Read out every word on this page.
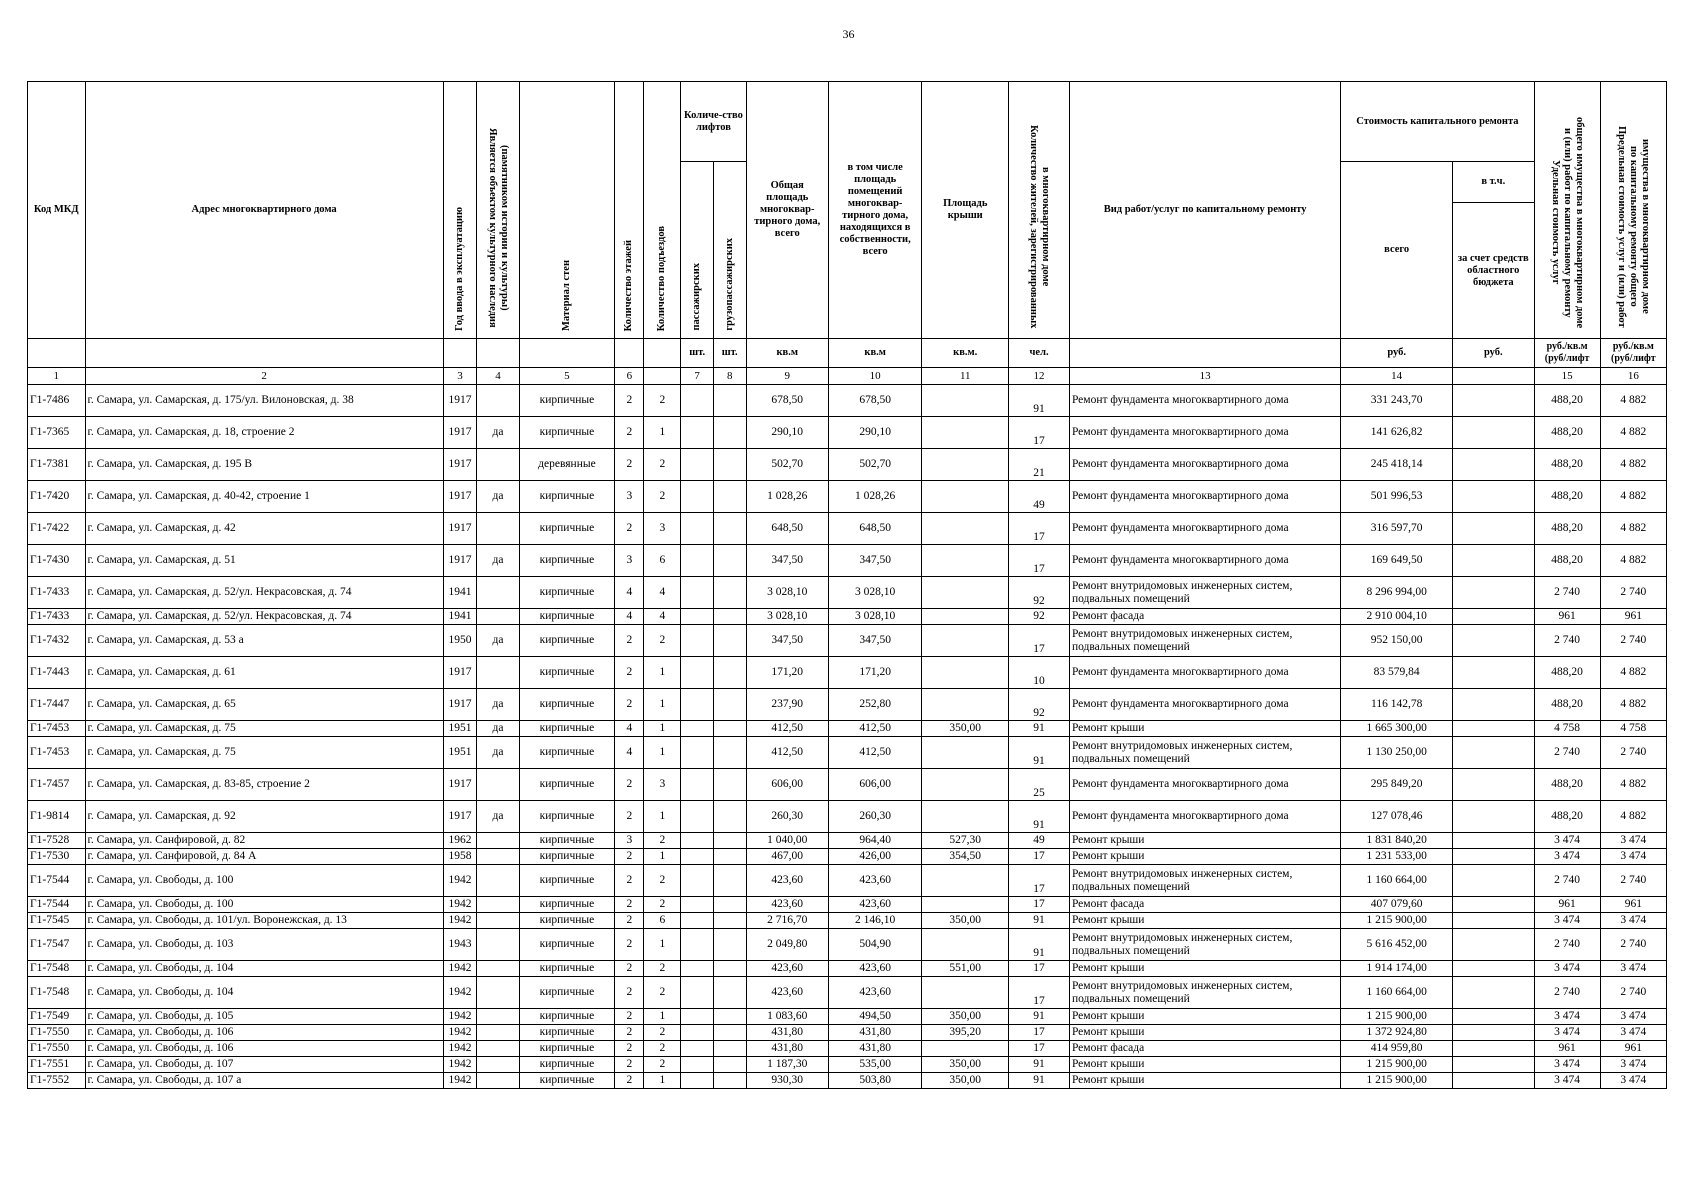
36
Код МКД	Адрес многоквартирного дома	Год ввода в эксплуатацию	Является объектом культурного наследия (памятником истории и культуры)	Материал стен	Количество этажей	Количество подъездов	Количе-ство лифтов		Общая площадь многоквар-тирного дома, всего	в том числе площадь помещений многоквар-тирного дома, находящихся в собственности, всего	Площадь крыши	Количество жителей, зарегистрированных в многоквартирном доме	Вид работ/услуг по капитальному ремонту	Стоимость капитального ремонта		Удельная стоимость услуг и (или) работ по капитальному ремонту общего имущества в многоквартирном доме	Предельная стоимость услуг и (или) работ по капитальному ремонту общего имущества в многоквартирном доме

							пассажирских	грузопассажирских						всего	в т.ч.		
															за счет средств областного бюджета		
							шт.	шт.	кв.м	кв.м	кв.м.	чел.		руб.	руб.	руб./кв.м (руб/лифт	руб./кв.м (руб/лифт
1	2	3	4	5	6		7	8	9	10	11	12	13	14		15	16
Г1-7486	г. Самара, ул. Самарская, д. 175/ул. Вилоновская, д. 38	1917		кирпичные	2	2			678,50	678,50		91	Ремонт фундамента многоквартирного дома	331 243,70		488,20	4 882
Г1-7365	г. Самара, ул. Самарская, д. 18, строение 2	1917	да	кирпичные	2	1			290,10	290,10		17	Ремонт фундамента многоквартирного дома	141 626,82		488,20	4 882
Г1-7381	г. Самара, ул. Самарская, д. 195 В	1917		деревянные	2	2			502,70	502,70		21	Ремонт фундамента многоквартирного дома	245 418,14		488,20	4 882
Г1-7420	г. Самара, ул. Самарская, д. 40-42, строение 1	1917	да	кирпичные	3	2			1 028,26	1 028,26		49	Ремонт фундамента многоквартирного дома	501 996,53		488,20	4 882
Г1-7422	г. Самара, ул. Самарская, д. 42	1917		кирпичные	2	3			648,50	648,50		17	Ремонт фундамента многоквартирного дома	316 597,70		488,20	4 882
Г1-7430	г. Самара, ул. Самарская, д. 51	1917	да	кирпичные	3	6			347,50	347,50		17	Ремонт фундамента многоквартирного дома	169 649,50		488,20	4 882
Г1-7433	г. Самара, ул. Самарская, д. 52/ул. Некрасовская, д. 74	1941		кирпичные	4	4			3 028,10	3 028,10		92	Ремонт внутридомовых инженерных систем, подвальных помещений	8 296 994,00		2 740	2 740
Г1-7433	г. Самара, ул. Самарская, д. 52/ул. Некрасовская, д. 74	1941		кирпичные	4	4			3 028,10	3 028,10		92	Ремонт фасада	2 910 004,10		961	961
Г1-7432	г. Самара, ул. Самарская, д. 53 а	1950	да	кирпичные	2	2			347,50	347,50		17	Ремонт внутридомовых инженерных систем, подвальных помещений	952 150,00		2 740	2 740
Г1-7443	г. Самара, ул. Самарская, д. 61	1917		кирпичные	2	1			171,20	171,20		10	Ремонт фундамента многоквартирного дома	83 579,84		488,20	4 882
Г1-7447	г. Самара, ул. Самарская, д. 65	1917	да	кирпичные	2	1			237,90	252,80		92	Ремонт фундамента многоквартирного дома	116 142,78		488,20	4 882
Г1-7453	г. Самара, ул. Самарская, д. 75	1951	да	кирпичные	4	1			412,50	412,50	350,00	91	Ремонт крыши	1 665 300,00		4 758	4 758
Г1-7453	г. Самара, ул. Самарская, д. 75	1951	да	кирпичные	4	1			412,50	412,50		91	Ремонт внутридомовых инженерных систем, подвальных помещений	1 130 250,00		2 740	2 740
Г1-7457	г. Самара, ул. Самарская, д. 83-85, строение 2	1917		кирпичные	2	3			606,00	606,00		25	Ремонт фундамента многоквартирного дома	295 849,20		488,20	4 882
Г1-9814	г. Самара, ул. Самарская, д. 92	1917	да	кирпичные	2	1			260,30	260,30		91	Ремонт фундамента многоквартирного дома	127 078,46		488,20	4 882
Г1-7528	г. Самара, ул. Санфировой, д. 82	1962		кирпичные	3	2			1 040,00	964,40	527,30	49	Ремонт крыши	1 831 840,20		3 474	3 474
Г1-7530	г. Самара, ул. Санфировой, д. 84 А	1958		кирпичные	2	1			467,00	426,00	354,50	17	Ремонт крыши	1 231 533,00		3 474	3 474
Г1-7544	г. Самара, ул. Свободы, д. 100	1942		кирпичные	2	2			423,60	423,60		17	Ремонт внутридомовых инженерных систем, подвальных помещений	1 160 664,00		2 740	2 740
Г1-7544	г. Самара, ул. Свободы, д. 100	1942		кирпичные	2	2			423,60	423,60		17	Ремонт фасада	407 079,60		961	961
Г1-7545	г. Самара, ул. Свободы, д. 101/ул. Воронежская, д. 13	1942		кирпичные	2	6			2 716,70	2 146,10	350,00	91	Ремонт крыши	1 215 900,00		3 474	3 474
Г1-7547	г. Самара, ул. Свободы, д. 103	1943		кирпичные	2	1			2 049,80	504,90		91	Ремонт внутридомовых инженерных систем, подвальных помещений	5 616 452,00		2 740	2 740
Г1-7548	г. Самара, ул. Свободы, д. 104	1942		кирпичные	2	2			423,60	423,60	551,00	17	Ремонт крыши	1 914 174,00		3 474	3 474
Г1-7548	г. Самара, ул. Свободы, д. 104	1942		кирпичные	2	2			423,60	423,60		17	Ремонт внутридомовых инженерных систем, подвальных помещений	1 160 664,00		2 740	2 740
Г1-7549	г. Самара, ул. Свободы, д. 105	1942		кирпичные	2	1			1 083,60	494,50	350,00	91	Ремонт крыши	1 215 900,00		3 474	3 474
Г1-7550	г. Самара, ул. Свободы, д. 106	1942		кирпичные	2	2			431,80	431,80	395,20	17	Ремонт крыши	1 372 924,80		3 474	3 474
Г1-7550	г. Самара, ул. Свободы, д. 106	1942		кирпичные	2	2			431,80	431,80		17	Ремонт фасада	414 959,80		961	961
Г1-7551	г. Самара, ул. Свободы, д. 107	1942		кирпичные	2	2			1 187,30	535,00	350,00	91	Ремонт крыши	1 215 900,00		3 474	3 474
Г1-7552	г. Самара, ул. Свободы, д. 107 а	1942		кирпичные	2	1			930,30	503,80	350,00	91	Ремонт крыши	1 215 900,00		3 474	3 474
